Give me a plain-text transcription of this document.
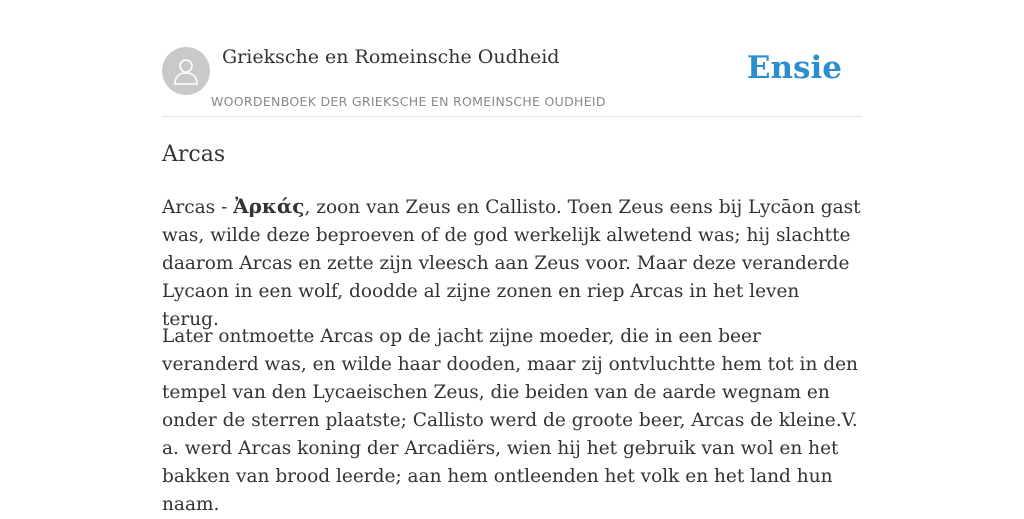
Grieksche en Romeinsche Oudheid
WOORDENBOEK DER GRIEKSCHE EN ROMEINSCHE OUDHEID
Ensie
Arcas

Arcas - Ἀρκάς, zoon van Zeus en Callisto. Toen Zeus eens bij Lycāon gast was, wilde deze beproeven of de god werkelijk alwetend was; hij slachtte daarom Arcas en zette zijn vleesch aan Zeus voor. Maar deze veranderde Lycaon in een wolf, doodde al zijne zonen en riep Arcas in het leven terug.

Later ontmoette Arcas op de jacht zijne moeder, die in een beer veranderd was, en wilde haar dooden, maar zij ontvluchtte hem tot in den tempel van den Lycaeischen Zeus, die beiden van de aarde wegnam en onder de sterren plaatste; Callisto werd de groote beer, Arcas de kleine.V. a. werd Arcas koning der Arcadiërs, wien hij het gebruik van wol en het bakken van brood leerde; aan hem ontleenden het volk en het land hun naam.
